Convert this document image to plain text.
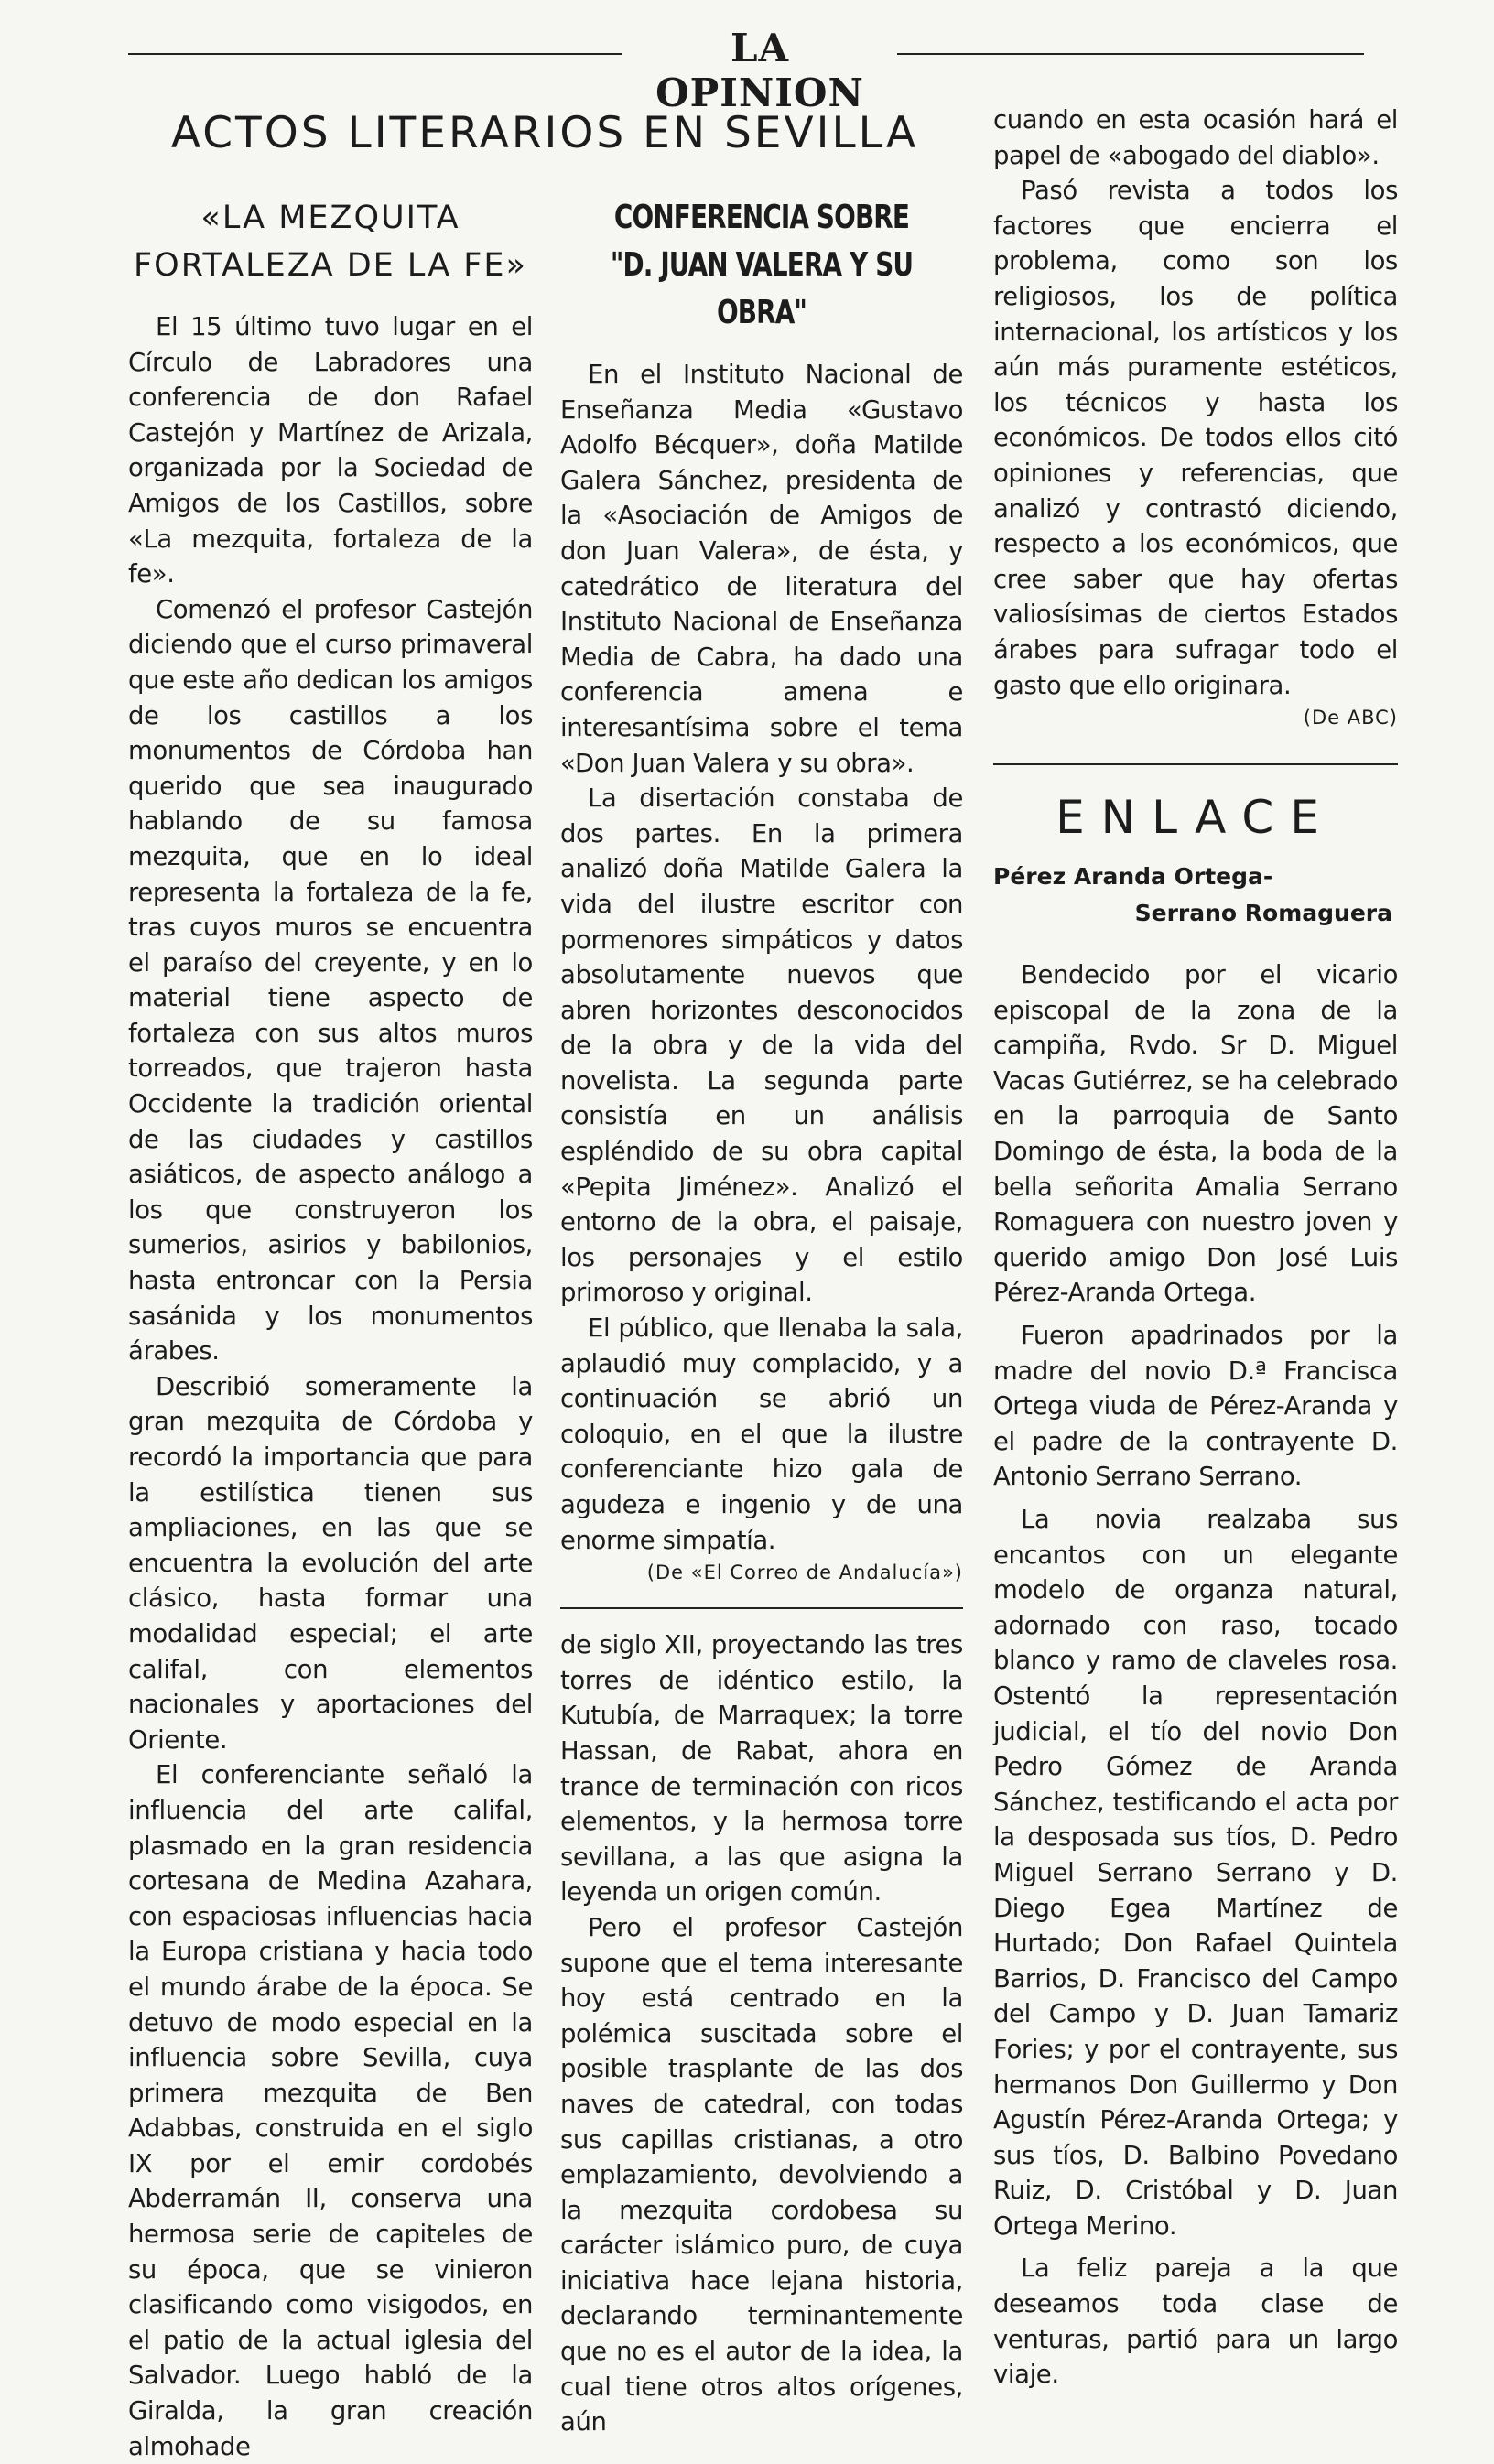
LA OPINION
ACTOS LITERARIOS EN SEVILLA
«LA MEZQUITA
FORTALEZA DE LA FE»

El 15 último tuvo lugar en el Círculo de Labradores una conferencia de don Rafael Castejón y Martínez de Arizala, organizada por la Sociedad de Amigos de los Castillos, sobre «La mezquita, fortaleza de la fe».

Comenzó el profesor Castejón diciendo que el curso primaveral que este año dedican los amigos de los castillos a los monumentos de Córdoba han querido que sea inaugurado hablando de su famosa mezquita, que en lo ideal representa la fortaleza de la fe, tras cuyos muros se encuentra el paraíso del creyente, y en lo material tiene aspecto de fortaleza con sus altos muros torreados, que trajeron hasta Occidente la tradición oriental de las ciudades y castillos asiáticos, de aspecto análogo a los que construyeron los sumerios, asirios y babilonios, hasta entroncar con la Persia sasánida y los monumentos árabes.

Describió someramente la gran mezquita de Córdoba y recordó la importancia que para la estilística tienen sus ampliaciones, en las que se encuentra la evolución del arte clásico, hasta formar una modalidad especial; el arte califal, con elementos nacionales y aportaciones del Oriente.

El conferenciante señaló la influencia del arte califal, plasmado en la gran residencia cortesana de Medina Azahara, con espaciosas influencias hacia la Europa cristiana y hacia todo el mundo árabe de la época. Se detuvo de modo especial en la influencia sobre Sevilla, cuya primera mezquita de Ben Adabbas, construida en el siglo IX por el emir cordobés Abderramán II, conserva una hermosa serie de capiteles de su época, que se vinieron clasificando como visigodos, en el patio de la actual iglesia del Salvador. Luego habló de la Giralda, la gran creación almohade

CONFERENCIA SOBRE
"D. JUAN VALERA Y SU OBRA"

En el Instituto Nacional de Enseñanza Media «Gustavo Adolfo Bécquer», doña Matilde Galera Sánchez, presidenta de la «Asociación de Amigos de don Juan Valera», de ésta, y catedrático de literatura del Instituto Nacional de Enseñanza Media de Cabra, ha dado una conferencia amena e interesantísima sobre el tema «Don Juan Valera y su obra».

La disertación constaba de dos partes. En la primera analizó doña Matilde Galera la vida del ilustre escritor con pormenores simpáticos y datos absolutamente nuevos que abren horizontes desconocidos de la obra y de la vida del novelista. La segunda parte consistía en un análisis espléndido de su obra capital «Pepita Jiménez». Analizó el entorno de la obra, el paisaje, los personajes y el estilo primoroso y original.

El público, que llenaba la sala, aplaudió muy complacido, y a continuación se abrió un coloquio, en el que la ilustre conferenciante hizo gala de agudeza e ingenio y de una enorme simpatía.

(De «El Correo de Andalucía»)

de siglo XII, proyectando las tres torres de idéntico estilo, la Kutubía, de Marraquex; la torre Hassan, de Rabat, ahora en trance de terminación con ricos elementos, y la hermosa torre sevillana, a las que asigna la leyenda un origen común.

Pero el profesor Castejón supone que el tema interesante hoy está centrado en la polémica suscitada sobre el posible trasplante de las dos naves de catedral, con todas sus capillas cristianas, a otro emplazamiento, devolviendo a la mezquita cordobesa su carácter islámico puro, de cuya iniciativa hace lejana historia, declarando terminantemente que no es el autor de la idea, la cual tiene otros altos orígenes, aún

cuando en esta ocasión hará el papel de «abogado del diablo».

Pasó revista a todos los factores que encierra el problema, como son los religiosos, los de política internacional, los artísticos y los aún más puramente estéticos, los técnicos y hasta los económicos. De todos ellos citó opiniones y referencias, que analizó y contrastó diciendo, respecto a los económicos, que cree saber que hay ofertas valiosísimas de ciertos Estados árabes para sufragar todo el gasto que ello originara.

(De ABC)
ENLACE
Pérez Aranda Ortega-
Serrano Romaguera

Bendecido por el vicario episcopal de la zona de la campiña, Rvdo. Sr D. Miguel Vacas Gutiérrez, se ha celebrado en la parroquia de Santo Domingo de ésta, la boda de la bella señorita Amalia Serrano Romaguera con nuestro joven y querido amigo Don José Luis Pérez-Aranda Ortega.

Fueron apadrinados por la madre del novio D.ª Francisca Ortega viuda de Pérez-Aranda y el padre de la contrayente D. Antonio Serrano Serrano.

La novia realzaba sus encantos con un elegante modelo de organza natural, adornado con raso, tocado blanco y ramo de claveles rosa. Ostentó la representación judicial, el tío del novio Don Pedro Gómez de Aranda Sánchez, testificando el acta por la desposada sus tíos, D. Pedro Miguel Serrano Serrano y D. Diego Egea Martínez de Hurtado; Don Rafael Quintela Barrios, D. Francisco del Campo del Campo y D. Juan Tamariz Fories; y por el contrayente, sus hermanos Don Guillermo y Don Agustín Pérez-Aranda Ortega; y sus tíos, D. Balbino Povedano Ruiz, D. Cristóbal y D. Juan Ortega Merino.

La feliz pareja a la que deseamos toda clase de venturas, partió para un largo viaje.
